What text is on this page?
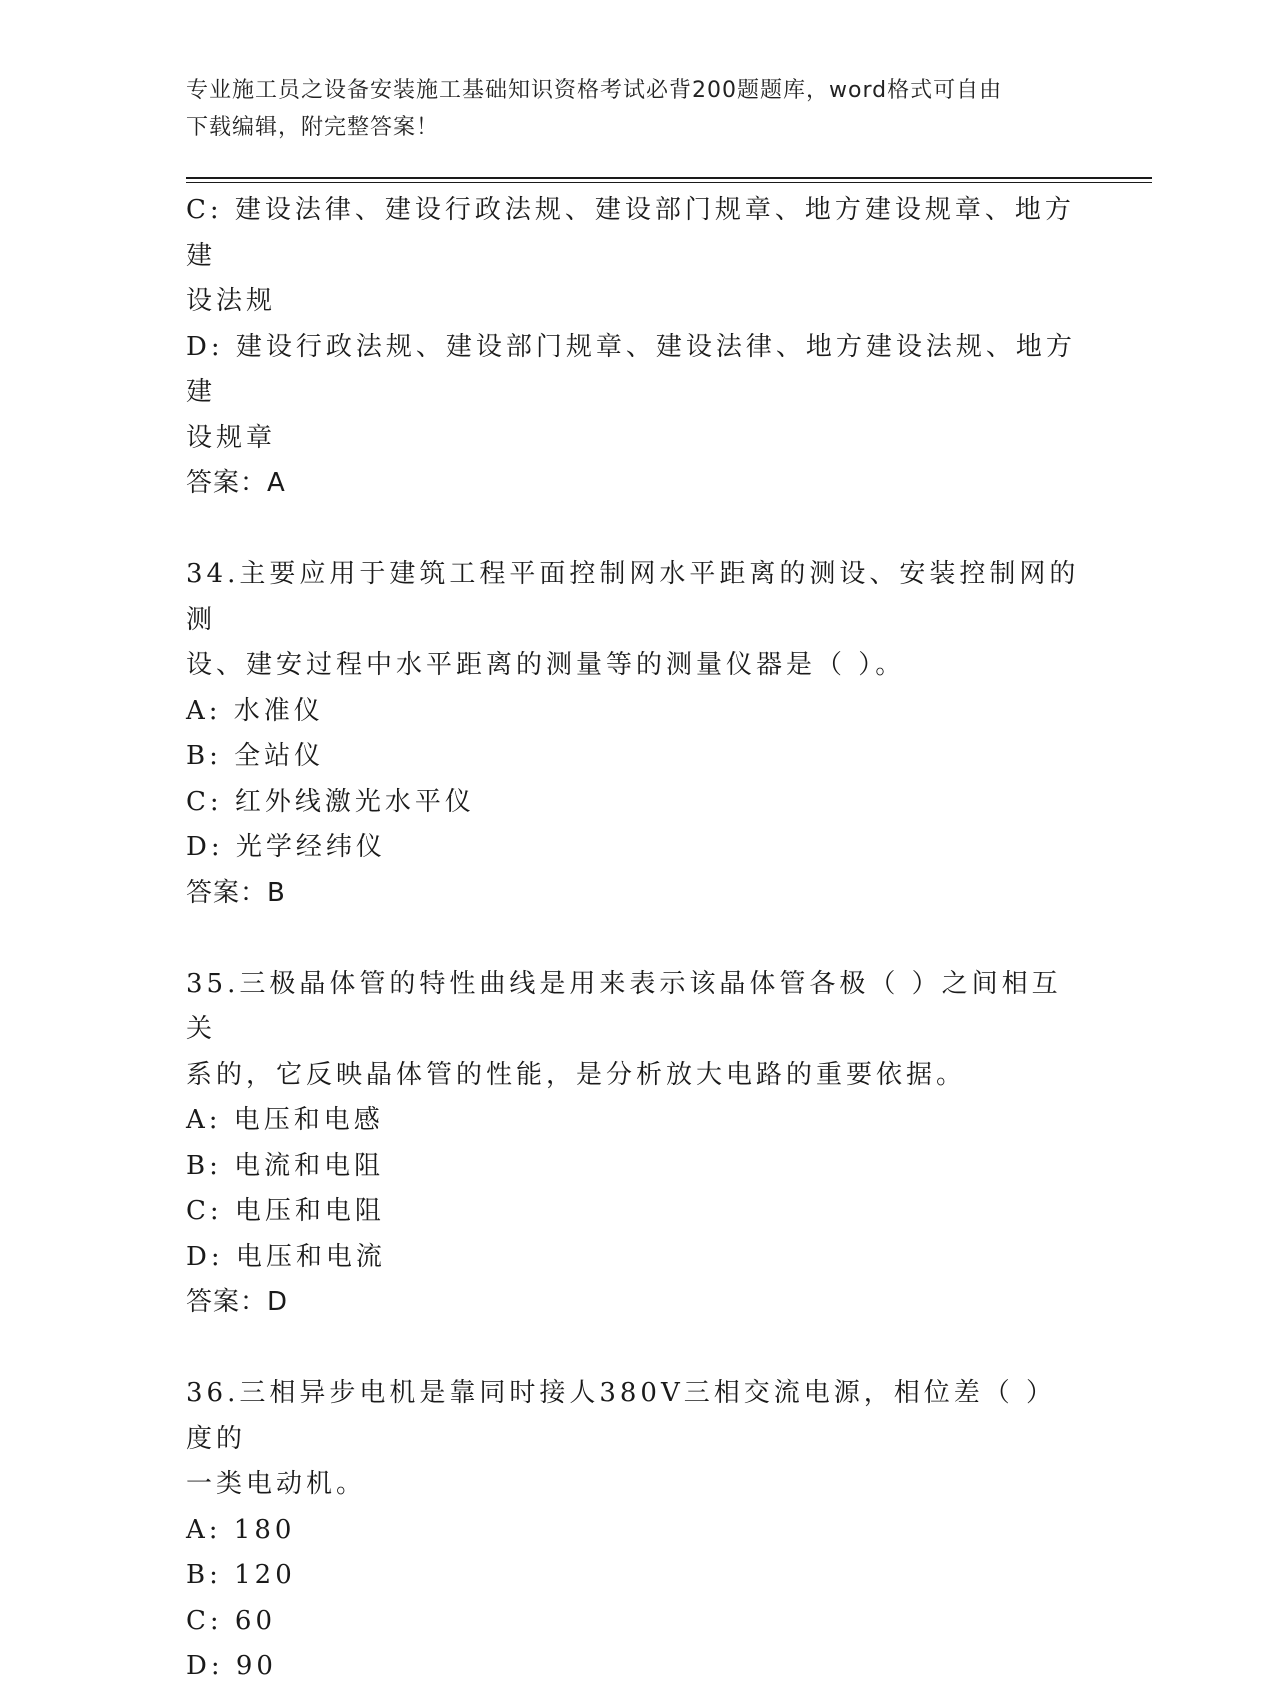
专业施工员之设备安装施工基础知识资格考试必背200题题库，word格式可自由
下载编辑，附完整答案！
C: 建设法律、建设行政法规、建设部门规章、地方建设规章、地方建
设法规
D: 建设行政法规、建设部门规章、建设法律、地方建设法规、地方建
设规章
答案：A
34.主要应用于建筑工程平面控制网水平距离的测设、安装控制网的测
设、建安过程中水平距离的测量等的测量仪器是（ ）。
A: 水准仪
B: 全站仪
C: 红外线激光水平仪
D: 光学经纬仪
答案：B
35.三极晶体管的特性曲线是用来表示该晶体管各极（ ）之间相互关
系的，它反映晶体管的性能，是分析放大电路的重要依据。
A: 电压和电感
B: 电流和电阻
C: 电压和电阻
D: 电压和电流
答案：D
36.三相异步电机是靠同时接人380V三相交流电源，相位差（ ）度的
一类电动机。
A: 180
B: 120
C: 60
D: 90
